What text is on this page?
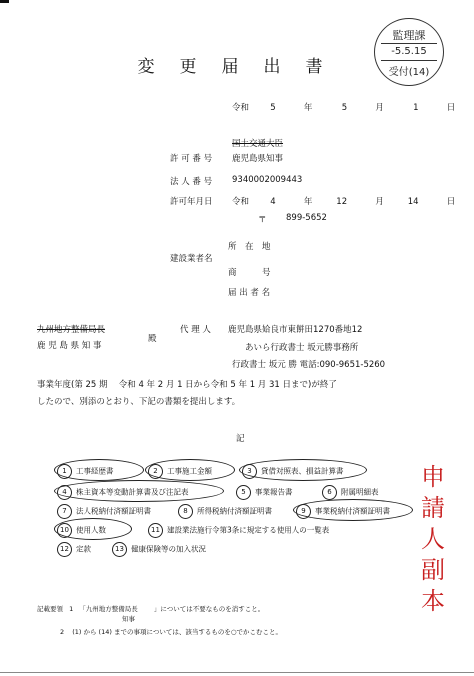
変 更 届 出 書
監理課
-5.5.15
受付(14)
令和	5	年	5	月	1	日
国土交通大臣
許 可 番 号 鹿児島県知事
法 人 番 号 9340002009443
許可年月日 令和	4	年	12	月	14	日
〒 899-5652
建設業者名
所　在　地
商　　　号
届 出 者 名
九州地方整備局長
殿
鹿 児 島 県 知 事
代 理 人 鹿児島県姶良市東餅田1270番地12
あいら行政書士 坂元勝事務所
行政書士 坂元 勝 電話:090-9651-5260
事業年度(第 25 期 　令和 4 年 2 月 1 日から令和 5 年 1 月 31 日まで)が終了
したので、別添のとおり、下記の書類を提出します。
記
1 工事経歴書	2 工事施工金額	3 貸借対照表、損益計算書
4 株主資本等変動計算書及び注記表	5 事業報告書	6 附属明細表
7 法人税納付済額証明書	8 所得税納付済額証明書	9 事業税納付済額証明書
10 使用人数	11 建設業法施行令第3条に規定する使用人の一覧表
12 定款	13 健康保険等の加入状況
申
請
人
副
本
記載要領 1 「九州地方整備局長 」については不要なものを消すこと。
知事
2 (1) から (14) までの事項については、該当するものを○でかこむこと。
